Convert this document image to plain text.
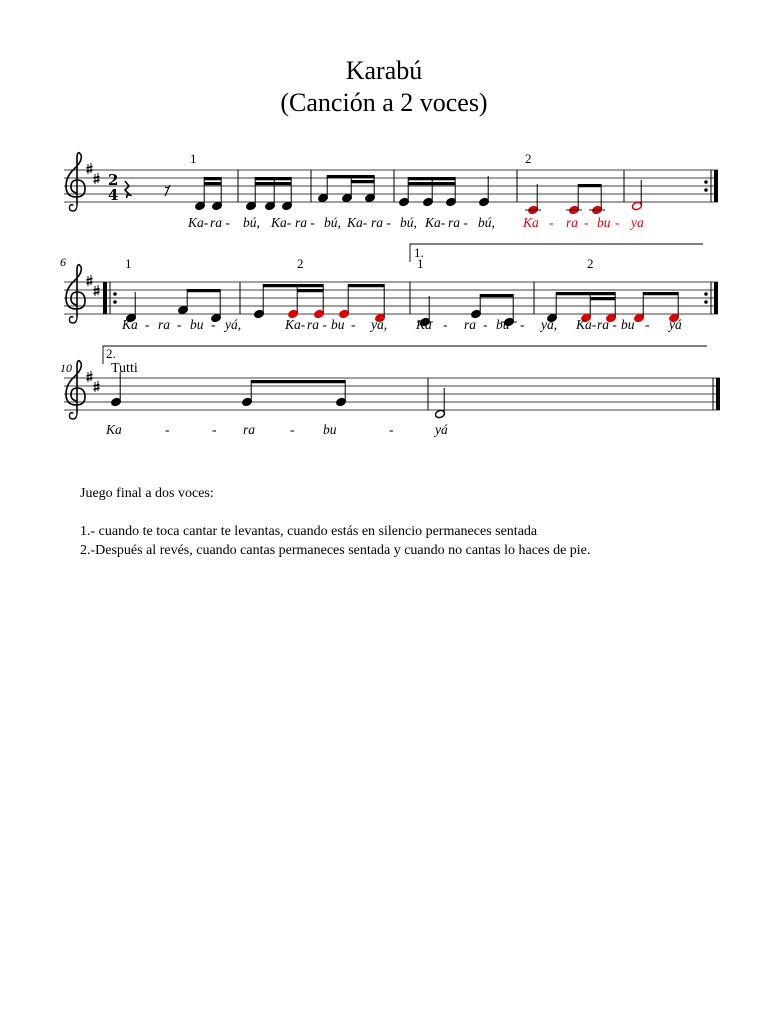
Karabú
(Canción a 2 voces)
2
4
1	2
Ka- ra - bú, Ka- ra - bú, Ka- ra - bú, Ka- ra - bú, Ka - ra - bu - ya
6
1.
1	2	1	2
Ka - ra - bu - yá,	Ka- ra - bu - yá, Ka - ra - bu - yá, Ka- ra - bu - yá
10
2.
Tutti
Ka	-	- ra	- bu	-	yá

Juego final a dos voces:

1.- cuando te toca cantar te levantas, cuando estás en silencio permaneces sentada

2.-Después al revés, cuando cantas permaneces sentada y cuando no cantas lo haces de pie.
